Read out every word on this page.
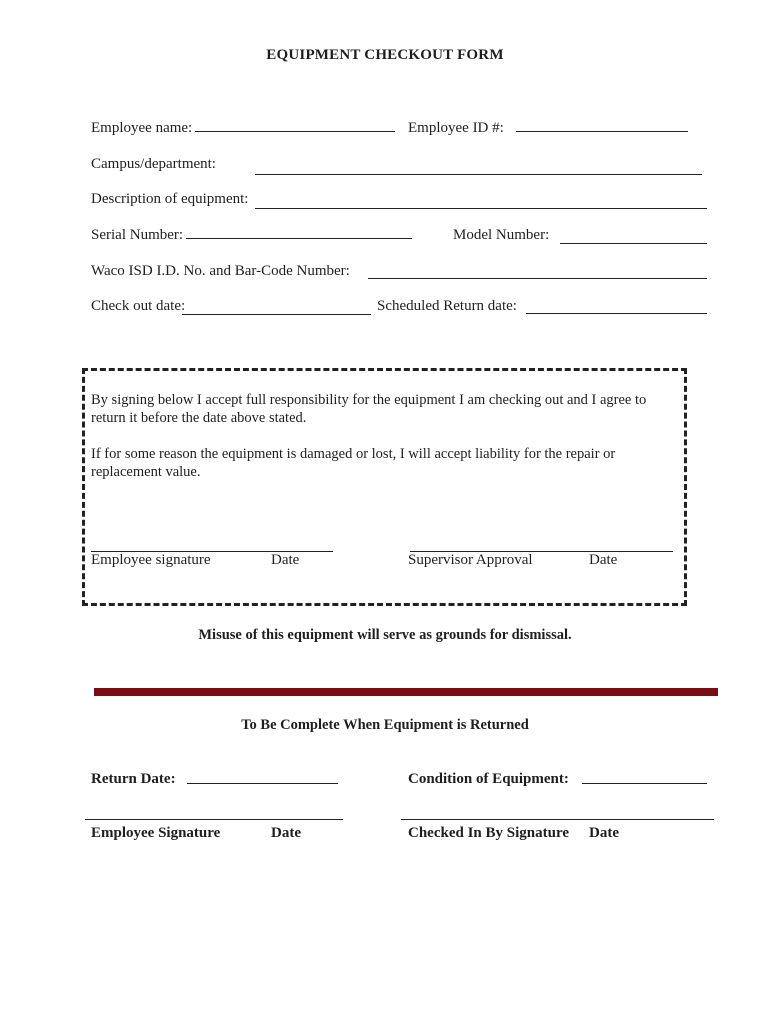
EQUIPMENT CHECKOUT FORM
Employee name:	Employee ID #:
Campus/department:
Description of equipment:
Serial Number:	Model Number:
Waco ISD I.D. No. and Bar-Code Number:
Check out date:	Scheduled Return date:
By signing below I accept full responsibility for the equipment I am checking out and I agree to return it before the date above stated.
If for some reason the equipment is damaged or lost, I will accept liability for the repair or replacement value.
Employee signature	Date	Supervisor Approval	Date
Misuse of this equipment will serve as grounds for dismissal.
To Be Complete When Equipment is Returned
Return Date:	Condition of Equipment:
Employee Signature	Date	Checked In By Signature Date
